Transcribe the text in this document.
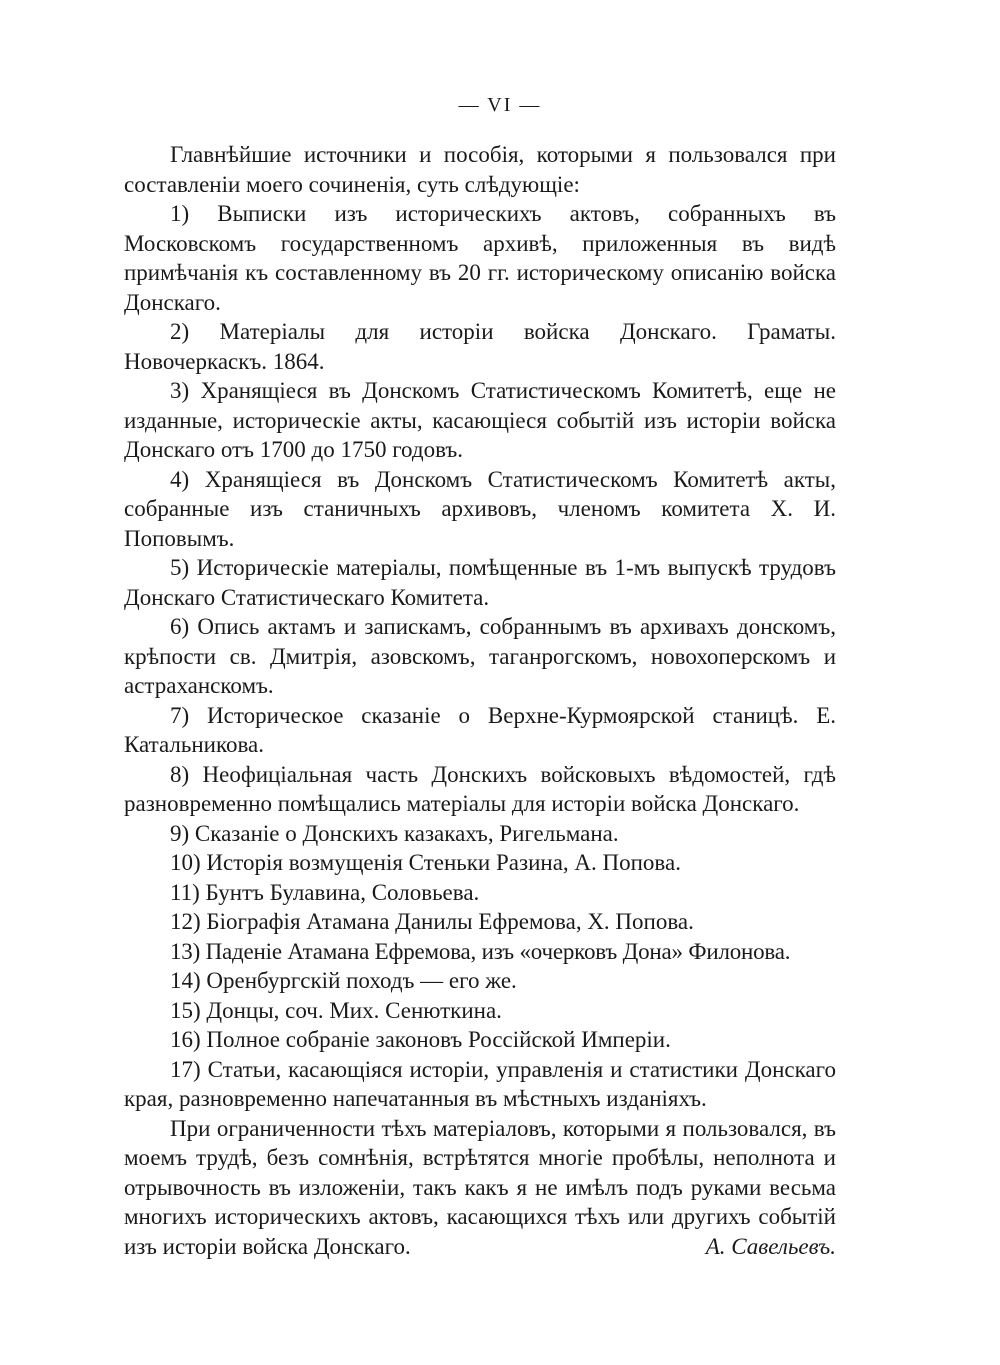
— VI —

Главнѣйшие источники и пособія, которыми я пользовался при составленіи моего сочиненія, суть слѣдующіе:

1) Выписки изъ историческихъ актовъ, собранныхъ въ Московскомъ государственномъ архивѣ, приложенныя въ видѣ примѣчанія къ составленному въ 20 гг. историческому описанію войска Донскаго.

2) Матеріалы для исторіи войска Донскаго. Граматы. Новочеркаскъ. 1864.

3) Хранящіеся въ Донскомъ Статистическомъ Комитетѣ, еще не изданные, историческіе акты, касающіеся событій изъ исторіи войска Донскаго отъ 1700 до 1750 годовъ.

4) Хранящіеся въ Донскомъ Статистическомъ Комитетѣ акты, собранные изъ станичныхъ архивовъ, членомъ комитета Х. И. Поповымъ.

5) Историческіе матеріалы, помѣщенные въ 1-мъ выпускѣ трудовъ Донскаго Статистическаго Комитета.

6) Опись актамъ и запискамъ, собраннымъ въ архивахъ донскомъ, крѣпости св. Дмитрія, азовскомъ, таганрогскомъ, новохоперскомъ и астраханскомъ.

7) Историческое сказаніе о Верхне-Курмоярской станицѣ. Е. Катальникова.

8) Неофиціальная часть Донскихъ войсковыхъ вѣдомостей, гдѣ разновременно помѣщались матеріалы для исторіи войска Донскаго.

9) Сказаніе о Донскихъ казакахъ, Ригельмана.

10) Исторія возмущенія Стеньки Разина, А. Попова.

11) Бунтъ Булавина, Соловьева.

12) Біографія Атамана Данилы Ефремова, Х. Попова.

13) Паденіе Атамана Ефремова, изъ «очерковъ Дона» Филонова.

14) Оренбургскій походъ — его же.

15) Донцы, соч. Мих. Сенюткина.

16) Полное собраніе законовъ Россійской Имперіи.

17) Статьи, касающіяся исторіи, управленія и статистики Донскаго края, разновременно напечатанныя въ мѣстныхъ изданіяхъ.

При ограниченности тѣхъ матеріаловъ, которыми я пользовался, въ моемъ трудѣ, безъ сомнѣнія, встрѣтятся многіе пробѣлы, неполнота и отрывочность въ изложеніи, такъ какъ я не имѣлъ подъ руками весьма многихъ историческихъ актовъ, касающихся тѣхъ или другихъ событій изъ исторіи войска Донскаго.	А. Савельевъ.
